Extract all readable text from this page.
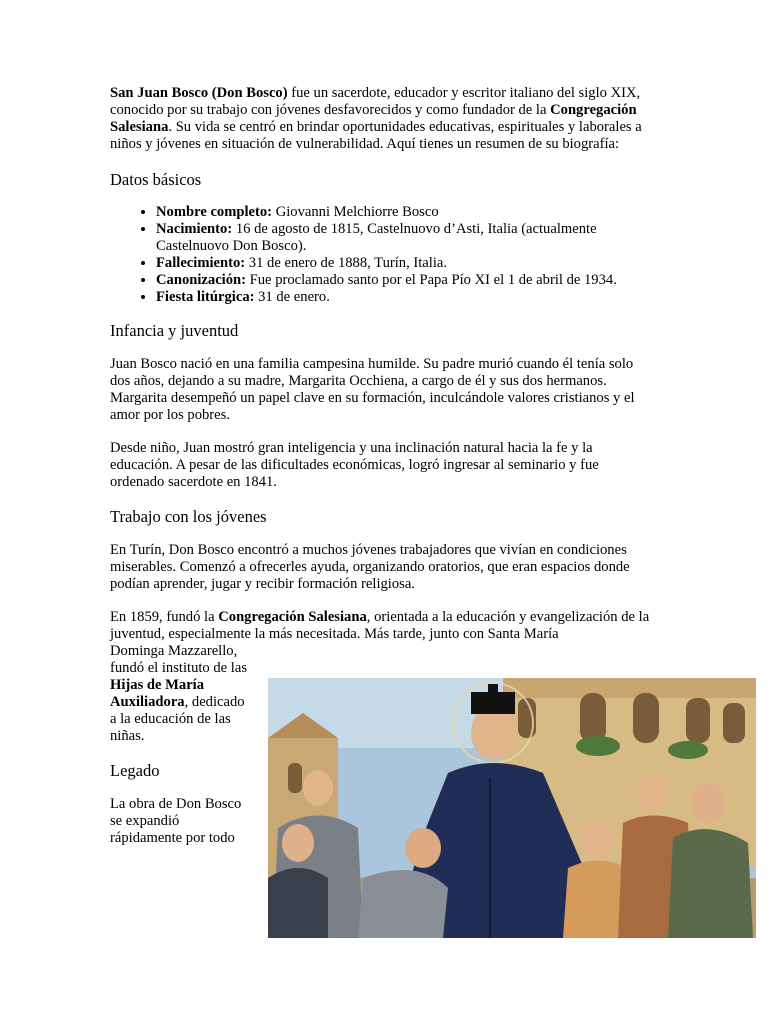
San Juan Bosco (Don Bosco) fue un sacerdote, educador y escritor italiano del siglo XIX, conocido por su trabajo con jóvenes desfavorecidos y como fundador de la Congregación Salesiana. Su vida se centró en brindar oportunidades educativas, espirituales y laborales a niños y jóvenes en situación de vulnerabilidad. Aquí tienes un resumen de su biografía:

Datos básicos
• Nombre completo: Giovanni Melchiorre Bosco
• Nacimiento: 16 de agosto de 1815, Castelnuovo d’Asti, Italia (actualmente Castelnuovo Don Bosco).
• Fallecimiento: 31 de enero de 1888, Turín, Italia.
• Canonización: Fue proclamado santo por el Papa Pío XI el 1 de abril de 1934.
• Fiesta litúrgica: 31 de enero.
Infancia y juventud

Juan Bosco nació en una familia campesina humilde. Su padre murió cuando él tenía solo dos años, dejando a su madre, Margarita Occhiena, a cargo de él y sus dos hermanos. Margarita desempeñó un papel clave en su formación, inculcándole valores cristianos y el amor por los pobres.

Desde niño, Juan mostró gran inteligencia y una inclinación natural hacia la fe y la educación. A pesar de las dificultades económicas, logró ingresar al seminario y fue ordenado sacerdote en 1841.

Trabajo con los jóvenes

En Turín, Don Bosco encontró a muchos jóvenes trabajadores que vivían en condiciones miserables. Comenzó a ofrecerles ayuda, organizando oratorios, que eran espacios donde podían aprender, jugar y recibir formación religiosa.

En 1859, fundó la Congregación Salesiana, orientada a la educación y evangelización de la juventud, especialmente la más necesitada. Más tarde, junto con Santa María

Dominga Mazzarello,
fundó el instituto de las
Hijas de María
Auxiliadora, dedicado
a la educación de las
niñas.
Legado
La obra de Don Bosco
se expandió
rápidamente por todo
